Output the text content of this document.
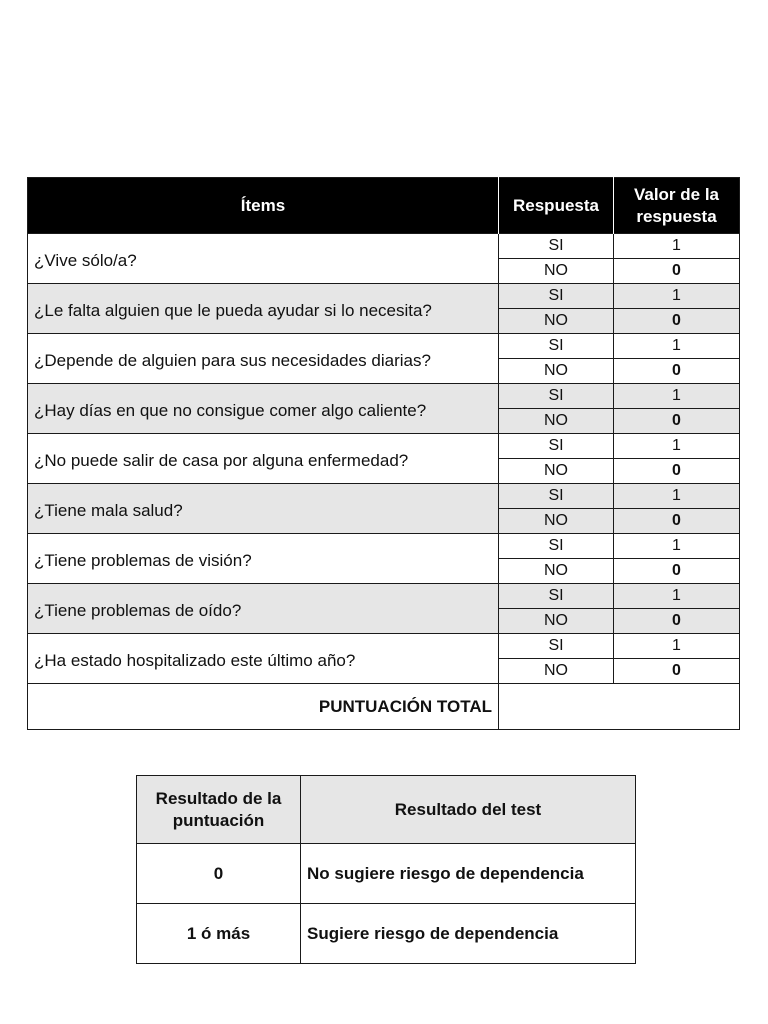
Ítems	Respuesta	Valor de la
respuesta
¿Vive sólo/a?	SI	1
	NO	0
¿Le falta alguien que le pueda ayudar si lo necesita?	SI	1
	NO	0
¿Depende de alguien para sus necesidades diarias?	SI	1
	NO	0
¿Hay días en que no consigue comer algo caliente?	SI	1
	NO	0
¿No puede salir de casa por alguna enfermedad?	SI	1
	NO	0
¿Tiene mala salud?	SI	1
	NO	0
¿Tiene problemas de visión?	SI	1
	NO	0
¿Tiene problemas de oído?	SI	1
	NO	0
¿Ha estado hospitalizado este último año?	SI	1
	NO	0
PUNTUACIÓN TOTAL		
Resultado de la
puntuación	Resultado del test
0	No sugiere riesgo de dependencia
1 ó más	Sugiere riesgo de dependencia
